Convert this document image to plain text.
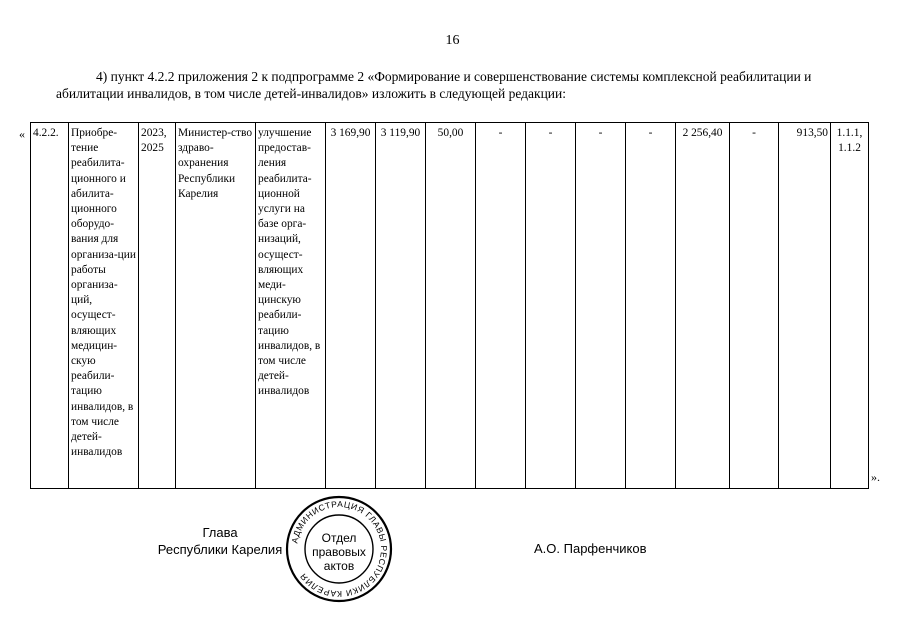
16
4) пункт 4.2.2 приложения 2 к подпрограмме 2 «Формирование и совершенствование системы комплексной реабилитации и абилитации инвалидов, в том числе детей-инвалидов» изложить в следующей редакции:
« 4.2.2.	Приобре-тение реабилита-ционного и абилита-ционного оборудо-вания для организа-ции работы организа-ций, осущест-вляющих медицин-скую реабили-тацию инвалидов, в том числе детей-инвалидов	2023, 2025	Министер-ство здраво-охранения Республики Карелия	улучшение предостав-ления реабилита-ционной услуги на базе орга-низаций, осущест-вляющих меди-цинскую реабили-тацию инвалидов, в том числе детей-инвалидов	3 169,90	3 119,90	50,00	-	-	-	-	2 256,40	-	913,50	1.1.1, 1.1.2
».
Глава
Республики Карелия
АДМИНИСТРАЦИЯ ГЛАВЫ РЕСПУБЛИКИ КАРЕЛИЯ
Отдел
правовых
актов
А.О. Парфенчиков
